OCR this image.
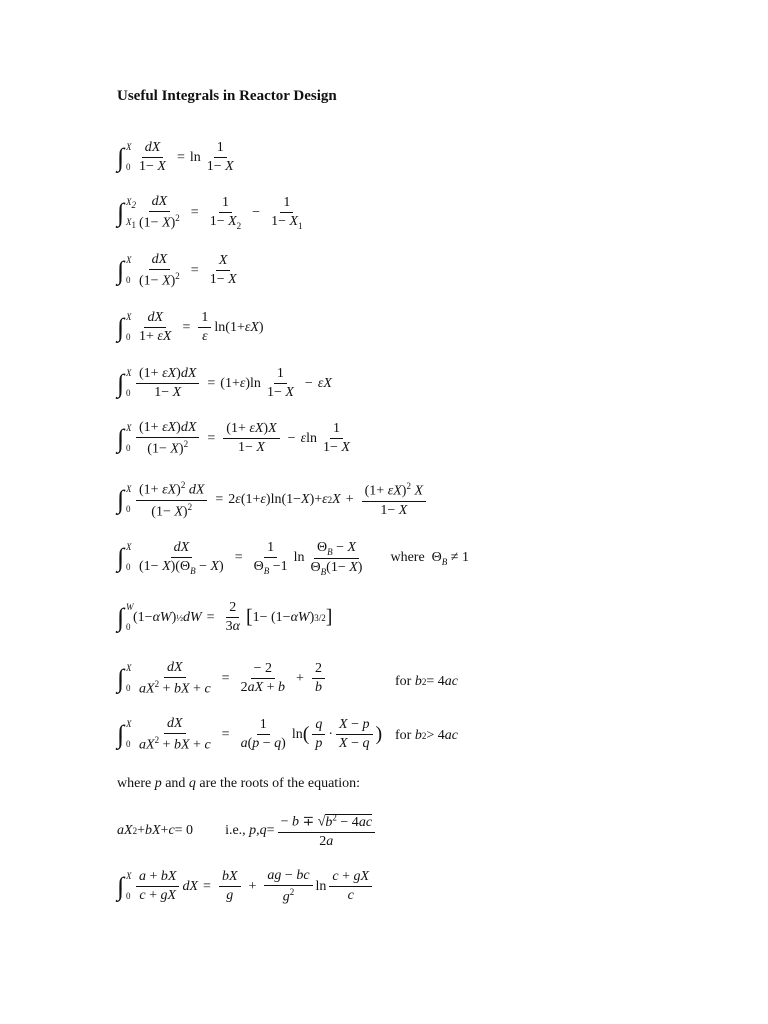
Useful Integrals in Reactor Design
∫ X
$0 \frac{dX}{1- X} = \ln \frac{1}{1- X}$
∫ $X_2$
$X_1 \frac{dX}{(1- X)^2} = \frac{1}{1- X_2} - \frac{1}{1- X_1}$
∫ X
$0 \frac{dX}{(1- X)^2} = \frac{X}{1- X}$
∫ X
$0 \frac{dX}{1+ \varepsilon X} = \frac{1}{\varepsilon} \ln(1+ \varepsilon X$ )
∫ X
$0 \frac{(1+ \varepsilon X)dX}{1- X} = (1+ \varepsilon$ )$\ln \frac{1}{1- X} - \varepsilon X$
∫ X
$0 \frac{(1+ \varepsilon X)dX}{(1- X)^2} = \frac{(1+ \varepsilon X)X}{1- X} - \varepsilon$ $\ln \frac{1}{1- X}$
∫ X
$0 \frac{(1+ \varepsilon X)^2 dX}{(1- X)^2} = 2$ ε (1+ ε )ln(1− X )+ ε 2 $X + \frac{(1+ \varepsilon X)^2 X}{1- X}$
∫ X
$0 \frac{dX}{(1- X)(\Theta_B - X)} = \frac{1}{\Theta_B -1}$ $\ln \frac{\Theta_B - X}{\Theta_B(1- X)}$ where  $\Theta_B \ne 1$
∫ W
0
(1− αW ) ½ dW = $\frac{2}{3\alpha}$ [ 1− (1− αW ) 3/2 ]
∫ X
$0 \frac{dX}{aX^2 + bX + c} = \frac{- 2}{2aX + b} + \frac{2}{b}$	for
b 2 = 4 ac
∫ X
$0 \frac{dX}{aX^2 + bX + c} = \frac{1}{a(p - q)}$ ln ( $\frac{q}{p} \cdot \frac{X - p}{X - q}$ ) for
b 2 > 4 ac
where p and q are the roots of the equation:
aX 2 + bX + c = 0 i.e.,
p , $q = \frac{- b \mp √b^2 - 4ac}{2a}$
∫ X
$0 \frac{a + bX}{c + gX}$ dX = $\frac{bX}{g} + \frac{ag - bc}{g^2}$ $\ln \frac{c + gX}{c}$
